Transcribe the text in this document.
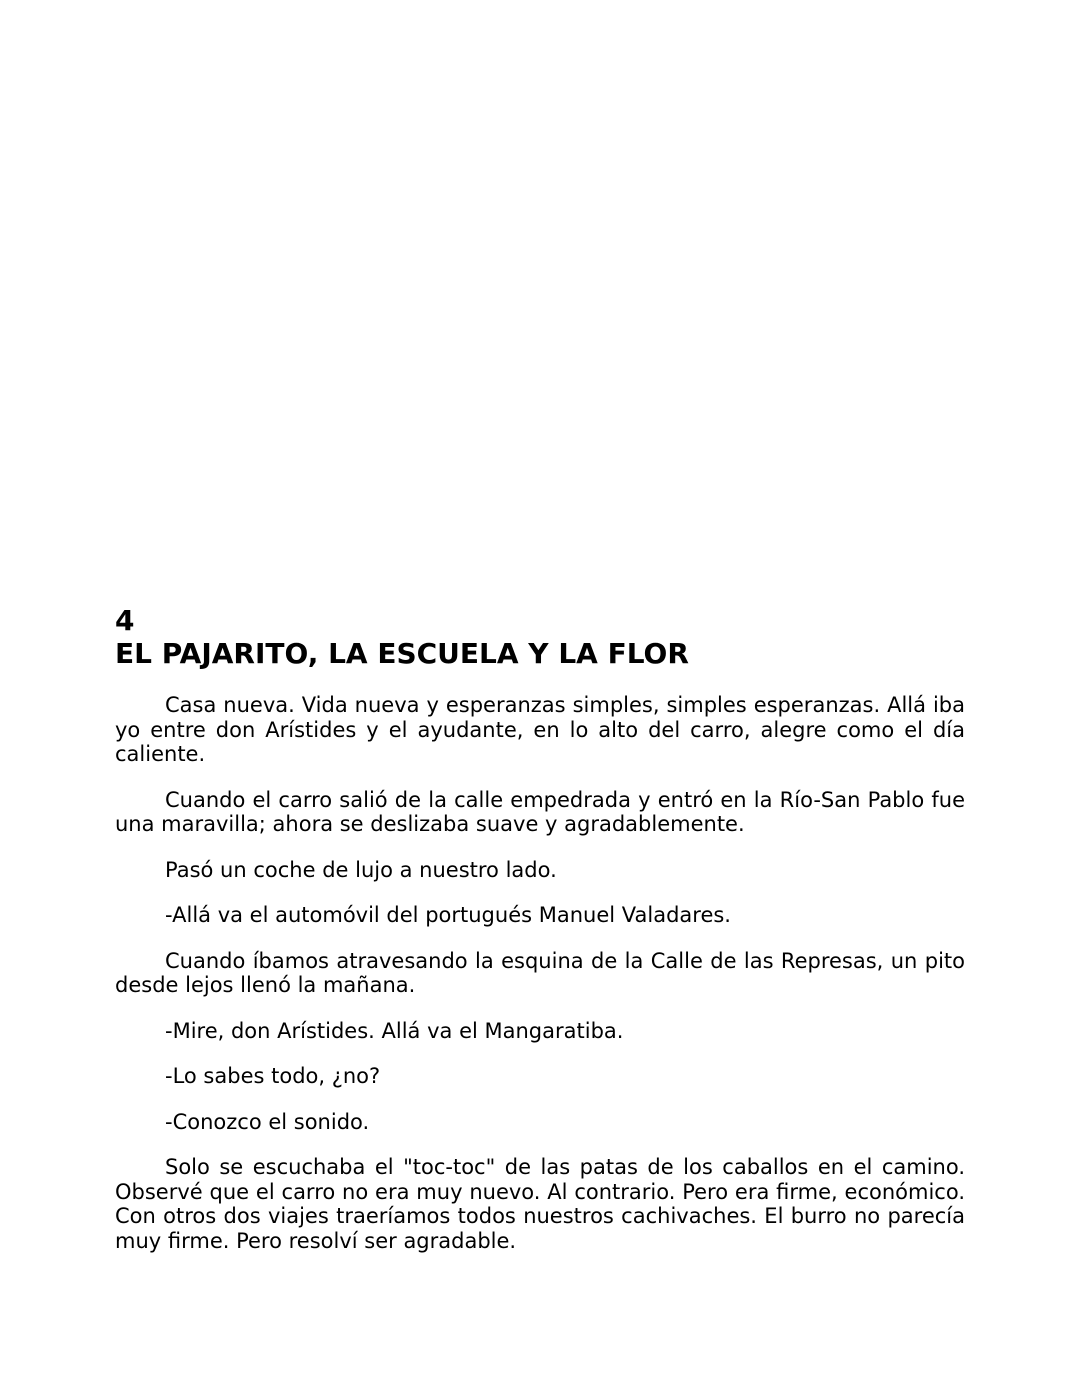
4
EL PAJARITO, LA ESCUELA Y LA FLOR

Casa nueva. Vida nueva y esperanzas simples, simples esperanzas. Allá iba yo entre don Arístides y el ayudante, en lo alto del carro, alegre como el día caliente.

Cuando el carro salió de la calle empedrada y entró en la Río-San Pablo fue una maravilla; ahora se deslizaba suave y agradablemente.

Pasó un coche de lujo a nuestro lado.

-Allá va el automóvil del portugués Manuel Valadares.

Cuando íbamos atravesando la esquina de la Calle de las Represas, un pito desde lejos llenó la mañana.

-Mire, don Arístides. Allá va el Mangaratiba.

-Lo sabes todo, ¿no?

-Conozco el sonido.

Solo se escuchaba el "toc-toc" de las patas de los caballos en el camino. Observé que el carro no era muy nuevo. Al contrario. Pero era firme, económico. Con otros dos viajes traeríamos todos nuestros cachivaches. El burro no parecía muy firme. Pero resolví ser agradable.
